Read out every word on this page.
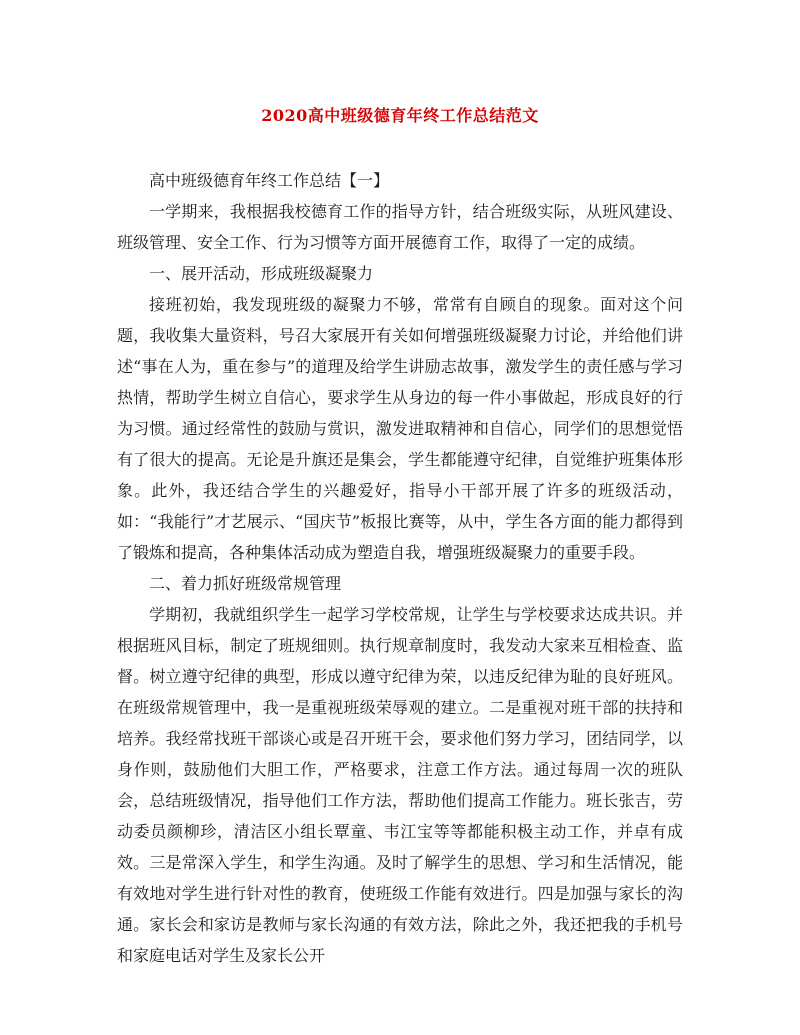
2020高中班级德育年终工作总结范文

高中班级德育年终工作总结【一】

一学期来，我根据我校德育工作的指导方针，结合班级实际，从班风建设、班级管理、安全工作、行为习惯等方面开展德育工作，取得了一定的成绩。

一、展开活动，形成班级凝聚力

接班初始，我发现班级的凝聚力不够，常常有自顾自的现象。面对这个问题，我收集大量资料，号召大家展开有关如何增强班级凝聚力讨论，并给他们讲述“事在人为，重在参与”的道理及给学生讲励志故事，激发学生的责任感与学习热情，帮助学生树立自信心，要求学生从身边的每一件小事做起，形成良好的行为习惯。通过经常性的鼓励与赏识，激发进取精神和自信心，同学们的思想觉悟有了很大的提高。无论是升旗还是集会，学生都能遵守纪律，自觉维护班集体形象。此外，我还结合学生的兴趣爱好，指导小干部开展了许多的班级活动，如：“我能行”才艺展示、“国庆节”板报比赛等，从中，学生各方面的能力都得到了锻炼和提高，各种集体活动成为塑造自我，增强班级凝聚力的重要手段。

二、着力抓好班级常规管理

学期初，我就组织学生一起学习学校常规，让学生与学校要求达成共识。并根据班风目标，制定了班规细则。执行规章制度时，我发动大家来互相检查、监督。树立遵守纪律的典型，形成以遵守纪律为荣，以违反纪律为耻的良好班风。在班级常规管理中，我一是重视班级荣辱观的建立。二是重视对班干部的扶持和培养。我经常找班干部谈心或是召开班干会，要求他们努力学习，团结同学，以身作则，鼓励他们大胆工作，严格要求，注意工作方法。通过每周一次的班队会，总结班级情况，指导他们工作方法，帮助他们提高工作能力。班长张吉，劳动委员颜柳珍，清洁区小组长覃童、韦江宝等等都能积极主动工作，并卓有成效。三是常深入学生，和学生沟通。及时了解学生的思想、学习和生活情况，能有效地对学生进行针对性的教育，使班级工作能有效进行。四是加强与家长的沟通。家长会和家访是教师与家长沟通的有效方法，除此之外，我还把我的手机号和家庭电话对学生及家长公开
